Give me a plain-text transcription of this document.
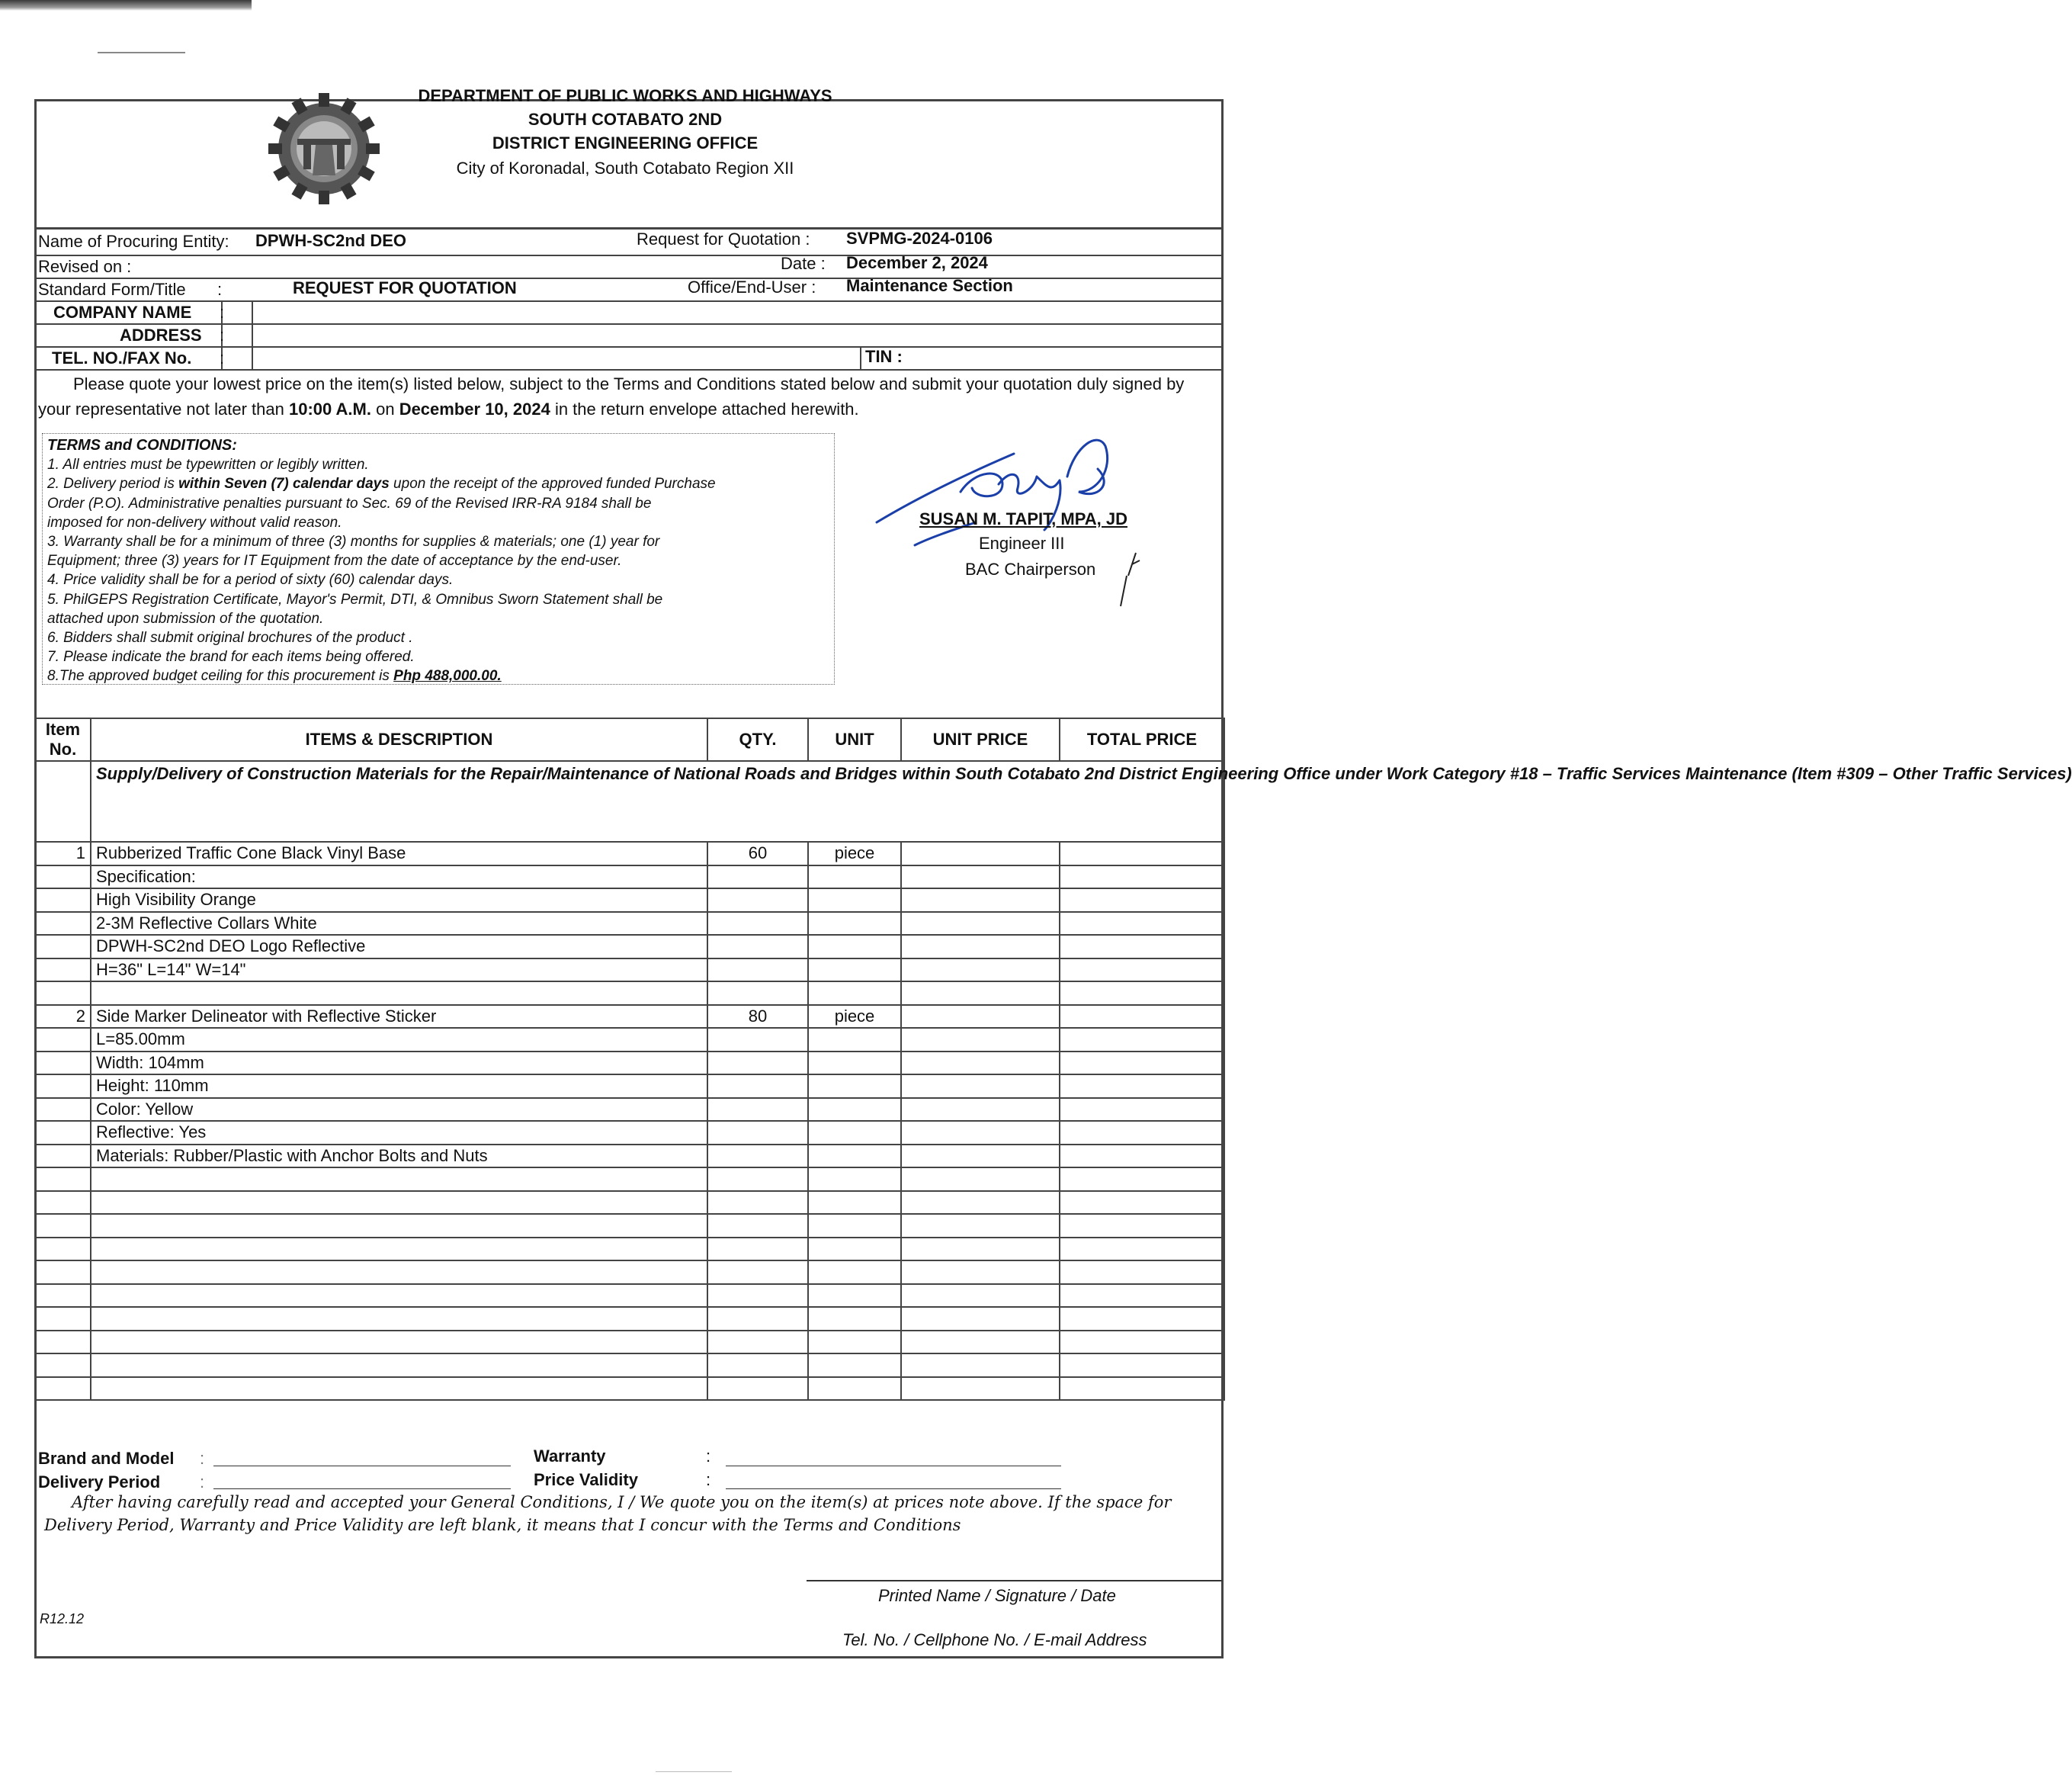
DEPARTMENT OF PUBLIC WORKS AND HIGHWAYS
SOUTH COTABATO 2ND
DISTRICT ENGINEERING OFFICE
City of Koronadal, South Cotabato Region XII
Name of Procuring Entity: DPWH-SC2nd DEO	Request for Quotation : SVPMG-2024-0106
Revised on :	Date : December 2, 2024
Standard Form/Title :	REQUEST FOR QUOTATION	Office/End-User : Maintenance Section
COMPANY NAME :
ADDRESS :
TEL. NO./FAX No. :	TIN :
Please quote your lowest price on the item(s) listed below, subject to the Terms and Conditions stated below and submit your quotation duly signed by your representative not later than 10:00 A.M. on December 10, 2024 in the return envelope attached herewith.
TERMS and CONDITIONS:
1. All entries must be typewritten or legibly written.
2. Delivery period is within Seven (7) calendar days upon the receipt of the approved funded Purchase
Order (P.O). Administrative penalties pursuant to Sec. 69 of the Revised IRR-RA 9184 shall be
imposed for non-delivery without valid reason.
3. Warranty shall be for a minimum of three (3) months for supplies & materials; one (1) year for
Equipment; three (3) years for IT Equipment from the date of acceptance by the end-user.
4. Price validity shall be for a period of sixty (60) calendar days.
5. PhilGEPS Registration Certificate, Mayor's Permit, DTI, & Omnibus Sworn Statement shall be
attached upon submission of the quotation.
6. Bidders shall submit original brochures of the product .
7. Please indicate the brand for each items being offered.
8.The approved budget ceiling for this procurement is Php 488,000.00.
SUSAN M. TAPIT, MPA, JD
Engineer III
BAC Chairperson
Item
No.	ITEMS & DESCRIPTION	QTY.	UNIT	UNIT PRICE	TOTAL PRICE
	Supply/Delivery of Construction Materials for the Repair/Maintenance of National Roads and Bridges within South Cotabato 2nd District Engineering Office under Work Category #18 – Traffic Services Maintenance (Item #309 – Other Traffic Services)				
1	Rubberized Traffic Cone Black Vinyl Base	60	piece		
	Specification:				
	High Visibility Orange				
	2-3M Reflective Collars White				
	DPWH-SC2nd DEO Logo Reflective				
	H=36" L=14" W=14"				

2	Side Marker Delineator with Reflective Sticker	80	piece		
	L=85.00mm				
	Width: 104mm				
	Height: 110mm				
	Color: Yellow				
	Reflective: Yes				
	Materials: Rubber/Plastic with Anchor Bolts and Nuts				

Brand and Model :
Delivery Period :
Warranty	:
Price Validity	:
After having carefully read and accepted your General Conditions, I / We quote you on the item(s) at prices note above. If the space for Delivery Period, Warranty and Price Validity are left blank, it means that I concur with the Terms and Conditions
Printed Name / Signature / Date
R12.12
Tel. No. / Cellphone No. / E-mail Address
